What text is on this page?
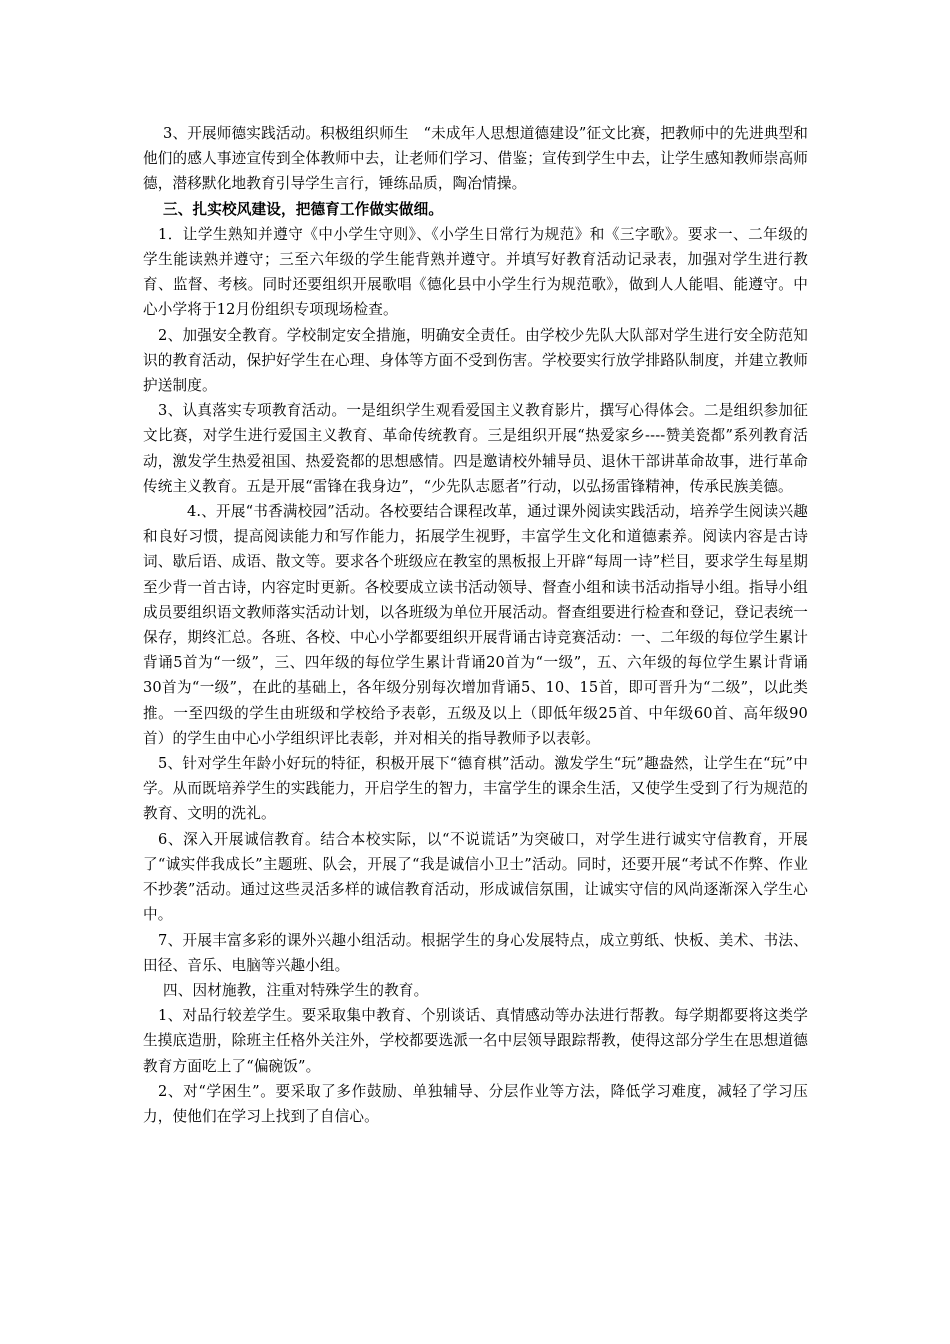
3、开展师德实践活动。积极组织师生　“未成年人思想道德建设”征文比赛，把教师中的先进典型和他们的感人事迹宣传到全体教师中去，让老师们学习、借鉴；宣传到学生中去，让学生感知教师崇高师德，潜移默化地教育引导学生言行，锤练品质，陶冶情操。

三、扎实校风建设，把德育工作做实做细。

1．让学生熟知并遵守《中小学生守则》、《小学生日常行为规范》和《三字歌》。要求一、二年级的学生能读熟并遵守；三至六年级的学生能背熟并遵守。并填写好教育活动记录表，加强对学生进行教育、监督、考核。同时还要组织开展歌唱《德化县中小学生行为规范歌》，做到人人能唱、能遵守。中心小学将于12月份组织专项现场检查。

2、加强安全教育。学校制定安全措施，明确安全责任。由学校少先队大队部对学生进行安全防范知识的教育活动，保护好学生在心理、身体等方面不受到伤害。学校要实行放学排路队制度，并建立教师护送制度。

3、认真落实专项教育活动。一是组织学生观看爱国主义教育影片，撰写心得体会。二是组织参加征文比赛，对学生进行爱国主义教育、革命传统教育。三是组织开展“热爱家乡----赞美瓷都”系列教育活动，激发学生热爱祖国、热爱瓷都的思想感情。四是邀请校外辅导员、退休干部讲革命故事，进行革命传统主义教育。五是开展“雷锋在我身边”，“少先队志愿者”行动，以弘扬雷锋精神，传承民族美德。

4.、开展“书香满校园”活动。各校要结合课程改革，通过课外阅读实践活动，培养学生阅读兴趣和良好习惯，提高阅读能力和写作能力，拓展学生视野，丰富学生文化和道德素养。阅读内容是古诗词、歇后语、成语、散文等。要求各个班级应在教室的黑板报上开辟“每周一诗”栏目，要求学生每星期至少背一首古诗，内容定时更新。各校要成立读书活动领导、督查小组和读书活动指导小组。指导小组成员要组织语文教师落实活动计划，以各班级为单位开展活动。督查组要进行检查和登记，登记表统一保存，期终汇总。各班、各校、中心小学都要组织开展背诵古诗竞赛活动：一、二年级的每位学生累计背诵5首为“一级”，三、四年级的每位学生累计背诵20首为“一级”，五、六年级的每位学生累计背诵30首为“一级”，在此的基础上，各年级分别每次增加背诵5、10、15首，即可晋升为“二级”，以此类推。一至四级的学生由班级和学校给予表彰，五级及以上（即低年级25首、中年级60首、高年级90首）的学生由中心小学组织评比表彰，并对相关的指导教师予以表彰。

5、针对学生年龄小好玩的特征，积极开展下“德育棋”活动。激发学生“玩”趣盎然，让学生在“玩”中学。从而既培养学生的实践能力，开启学生的智力，丰富学生的课余生活，又使学生受到了行为规范的教育、文明的洗礼。

6、深入开展诚信教育。结合本校实际，以“不说谎话”为突破口，对学生进行诚实守信教育，开展了“诚实伴我成长”主题班、队会，开展了“我是诚信小卫士”活动。同时，还要开展“考试不作弊、作业不抄袭”活动。通过这些灵活多样的诚信教育活动，形成诚信氛围，让诚实守信的风尚逐渐深入学生心中。

7、开展丰富多彩的课外兴趣小组活动。根据学生的身心发展特点，成立剪纸、快板、美术、书法、田径、音乐、电脑等兴趣小组。

四、因材施教，注重对特殊学生的教育。

1、对品行较差学生。要采取集中教育、个别谈话、真情感动等办法进行帮教。每学期都要将这类学生摸底造册，除班主任格外关注外，学校都要选派一名中层领导跟踪帮教，使得这部分学生在思想道德教育方面吃上了“偏碗饭”。

2、对“学困生”。要采取了多作鼓励、单独辅导、分层作业等方法，降低学习难度，减轻了学习压力，使他们在学习上找到了自信心。
